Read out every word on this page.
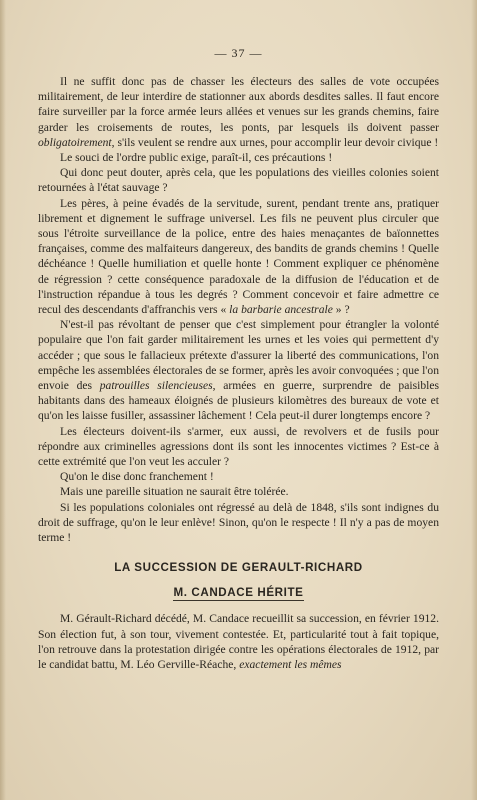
— 37 —

Il ne suffit donc pas de chasser les électeurs des salles de vote occupées militairement, de leur interdire de stationner aux abords desdites salles. Il faut encore faire surveiller par la force armée leurs allées et venues sur les grands chemins, faire garder les croisements de routes, les ponts, par lesquels ils doivent passer obligatoirement, s'ils veulent se rendre aux urnes, pour accomplir leur devoir civique !

Le souci de l'ordre public exige, paraît-il, ces précautions !

Qui donc peut douter, après cela, que les populations des vieilles colonies soient retournées à l'état sauvage ?

Les pères, à peine évadés de la servitude, surent, pendant trente ans, pratiquer librement et dignement le suffrage universel. Les fils ne peuvent plus circuler que sous l'étroite surveillance de la police, entre des haies menaçantes de baïonnettes françaises, comme des malfaiteurs dangereux, des bandits de grands chemins ! Quelle déchéance ! Quelle humiliation et quelle honte ! Comment expliquer ce phénomène de régression ? cette conséquence paradoxale de la diffusion de l'éducation et de l'instruction répandue à tous les degrés ? Comment concevoir et faire admettre ce recul des descendants d'affranchis vers « la barbarie ancestrale » ?

N'est-il pas révoltant de penser que c'est simplement pour étrangler la volonté populaire que l'on fait garder militairement les urnes et les voies qui permettent d'y accéder ; que sous le fallacieux prétexte d'assurer la liberté des communications, l'on empêche les assemblées électorales de se former, après les avoir convoquées ; que l'on envoie des patrouilles silencieuses, armées en guerre, surprendre de paisibles habitants dans des hameaux éloignés de plusieurs kilomètres des bureaux de vote et qu'on les laisse fusiller, assassiner lâchement ! Cela peut-il durer longtemps encore ?

Les électeurs doivent-ils s'armer, eux aussi, de revolvers et de fusils pour répondre aux criminelles agressions dont ils sont les innocentes victimes ? Est-ce à cette extrémité que l'on veut les acculer ?

Qu'on le dise donc franchement !

Mais une pareille situation ne saurait être tolérée.

Si les populations coloniales ont régressé au delà de 1848, s'ils sont indignes du droit de suffrage, qu'on le leur enlève! Sinon, qu'on le respecte ! Il n'y a pas de moyen terme !

LA SUCCESSION DE GERAULT-RICHARD
M. CANDACE HÉRITE

M. Gérault-Richard décédé, M. Candace recueillit sa succession, en février 1912. Son élection fut, à son tour, vivement contestée. Et, particularité tout à fait topique, l'on retrouve dans la protestation dirigée contre les opérations électorales de 1912, par le candidat battu, M. Léo Gerville-Réache, exactement les mêmes
